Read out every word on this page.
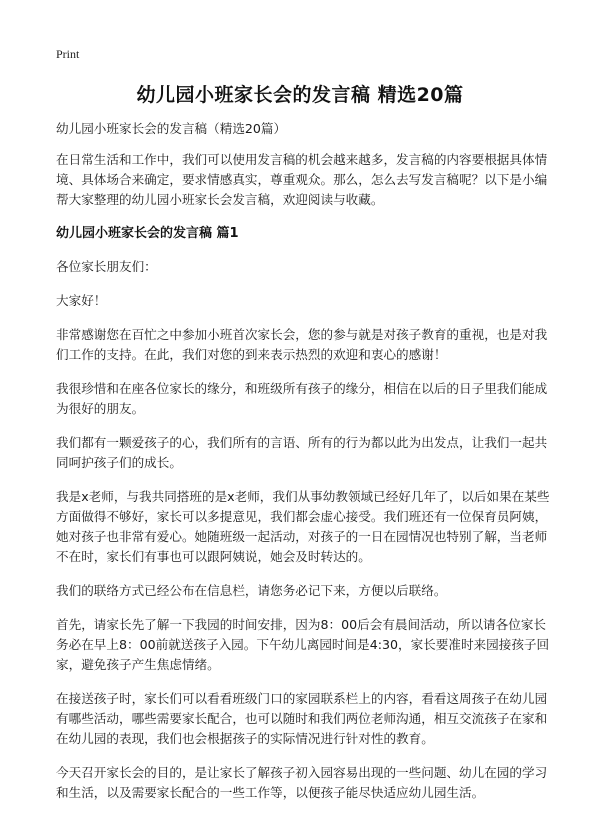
Print
幼儿园小班家长会的发言稿 精选20篇

幼儿园小班家长会的发言稿（精选20篇）

在日常生活和工作中，我们可以使用发言稿的机会越来越多，发言稿的内容要根据具体情境、具体场合来确定，要求情感真实，尊重观众。那么，怎么去写发言稿呢？以下是小编帮大家整理的幼儿园小班家长会发言稿，欢迎阅读与收藏。

幼儿园小班家长会的发言稿 篇1

各位家长朋友们：

大家好！

非常感谢您在百忙之中参加小班首次家长会，您的参与就是对孩子教育的重视，也是对我们工作的支持。在此，我们对您的到来表示热烈的欢迎和衷心的感谢！

我很珍惜和在座各位家长的缘分，和班级所有孩子的缘分，相信在以后的日子里我们能成为很好的朋友。

我们都有一颗爱孩子的心，我们所有的言语、所有的行为都以此为出发点，让我们一起共同呵护孩子们的成长。

我是x老师，与我共同搭班的是x老师，我们从事幼教领域已经好几年了，以后如果在某些方面做得不够好，家长可以多提意见，我们都会虚心接受。我们班还有一位保育员阿姨，她对孩子也非常有爱心。她随班级一起活动，对孩子的一日在园情况也特别了解，当老师不在时，家长们有事也可以跟阿姨说，她会及时转达的。

我们的联络方式已经公布在信息栏，请您务必记下来，方便以后联络。

首先，请家长先了解一下我园的时间安排，因为8：00后会有晨间活动，所以请各位家长务必在早上8：00前就送孩子入园。下午幼儿离园时间是4:30，家长要准时来园接孩子回家，避免孩子产生焦虑情绪。

在接送孩子时，家长们可以看看班级门口的家园联系栏上的内容，看看这周孩子在幼儿园有哪些活动，哪些需要家长配合，也可以随时和我们两位老师沟通，相互交流孩子在家和在幼儿园的表现，我们也会根据孩子的实际情况进行针对性的教育。

今天召开家长会的目的，是让家长了解孩子初入园容易出现的一些问题、幼儿在园的学习和生活，以及需要家长配合的一些工作等，以便孩子能尽快适应幼儿园生活。
